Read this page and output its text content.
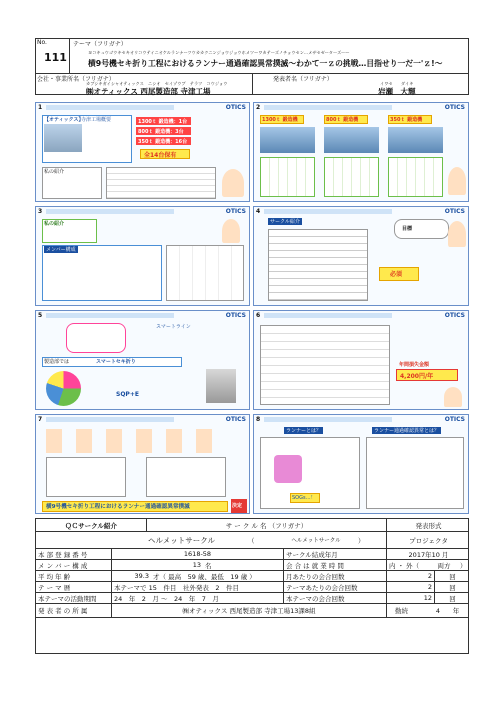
No.
111
テーマ（フリガナ）
ヨコキュウゴウキセキオリコウテイニオケルランナーツウカカクニンジョウジョウホメツ〜ワカテーズノチョウセン…メザセゼーターズー〜
横9号機セキ折り工程におけるランナー通過確認異常撲滅～わかて一ｚの挑戦…目指せり一だ一'ｚ!～
会社・事業所名（フリガナ）
カブシキガイシャオティックス　ニシオ　セイゾウブ　テラツ　コウジョウ
㈱オティックス 西尾製造部 寺津工場
発表者名（フリガナ）
イワセ　　ダイキ
岩瀬　大輝
1	OTICS
【オティックス】
寺津工場概要	1300ｔ 鍛造機：1台
800ｔ 鍛造機：3台
350ｔ 鍛造機：16台
全14台保有
私の紹介
2	OTICS
1300ｔ 鍛造機	800ｔ 鍛造機	350ｔ 鍛造機
3	OTICS
私の紹介
メンバー構成
4	OTICS
サークル紹介
目標
必須
5	OTICS
スマートライン
製造部では	スマートセキ折り
SQP+E
6	OTICS
年間損失金額
4,200円/年
7	OTICS
横9号機セキ折り工程におけるランナー通過確認異常撲滅	決定
8	OTICS
ランナーとは？	ランナー通過確認異常とは？
SOGs…！
ＱＣサークル紹介	サ ー ク ル 名 （フリガナ）	発表形式
ヘルメットサークル	（	ヘルメットサークル	）	プロジェクタ
本 部 登 録 番 号	1618-58	サークル結成年月	2017年10 月
メ ン バ ー 構 成	13 名	会 合 は 就 業 時 間	内 ・ 外（	両方	）
平 均 年 齢	39.3 才（ 最高　59 歳、最低　19 歳 ）	月あたりの会合回数	2	回
テ ー マ 暦	本テーマで 15　件目　社外発表　2　件目	テーマあたりの会合回数	2	回
本テーマの活動期間	24　年　2　月 〜　24　年　7　月	本テーマの会合回数	12	回
発 表 者 の 所 属	㈱オティックス 西尾製造部 寺津工場13課8組	勤続	4	年
